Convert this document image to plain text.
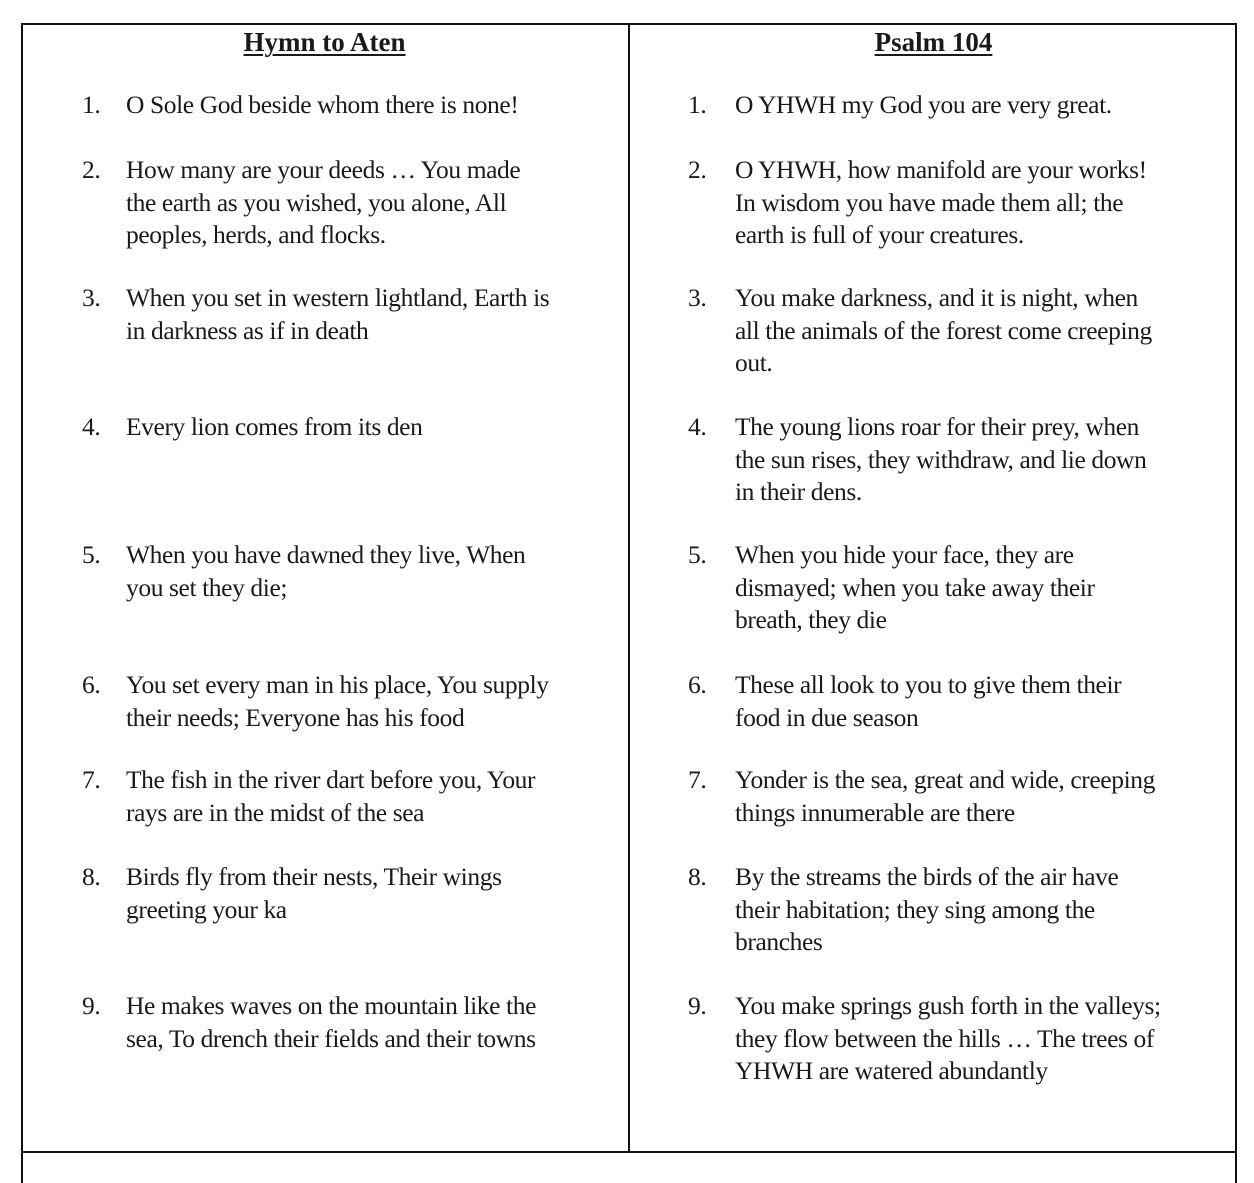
Hymn to Aten	Psalm 104
1. O Sole God beside whom there is none!
2. How many are your deeds … You made
the earth as you wished, you alone, All
peoples, herds, and flocks.
3. When you set in western lightland, Earth is
in darkness as if in death
4. Every lion comes from its den
5. When you have dawned they live, When
you set they die;
6. You set every man in his place, You supply
their needs; Everyone has his food
7. The fish in the river dart before you, Your
rays are in the midst of the sea
8. Birds fly from their nests, Their wings
greeting your ka
9. He makes waves on the mountain like the
sea, To drench their fields and their towns
1. O YHWH my God you are very great.
2. O YHWH, how manifold are your works!
In wisdom you have made them all; the
earth is full of your creatures.
3. You make darkness, and it is night, when
all the animals of the forest come creeping
out.
4. The young lions roar for their prey, when
the sun rises, they withdraw, and lie down
in their dens.
5. When you hide your face, they are
dismayed; when you take away their
breath, they die
6. These all look to you to give them their
food in due season
7. Yonder is the sea, great and wide, creeping
things innumerable are there
8. By the streams the birds of the air have
their habitation; they sing among the
branches
9. You make springs gush forth in the valleys;
they flow between the hills … The trees of
YHWH are watered abundantly
